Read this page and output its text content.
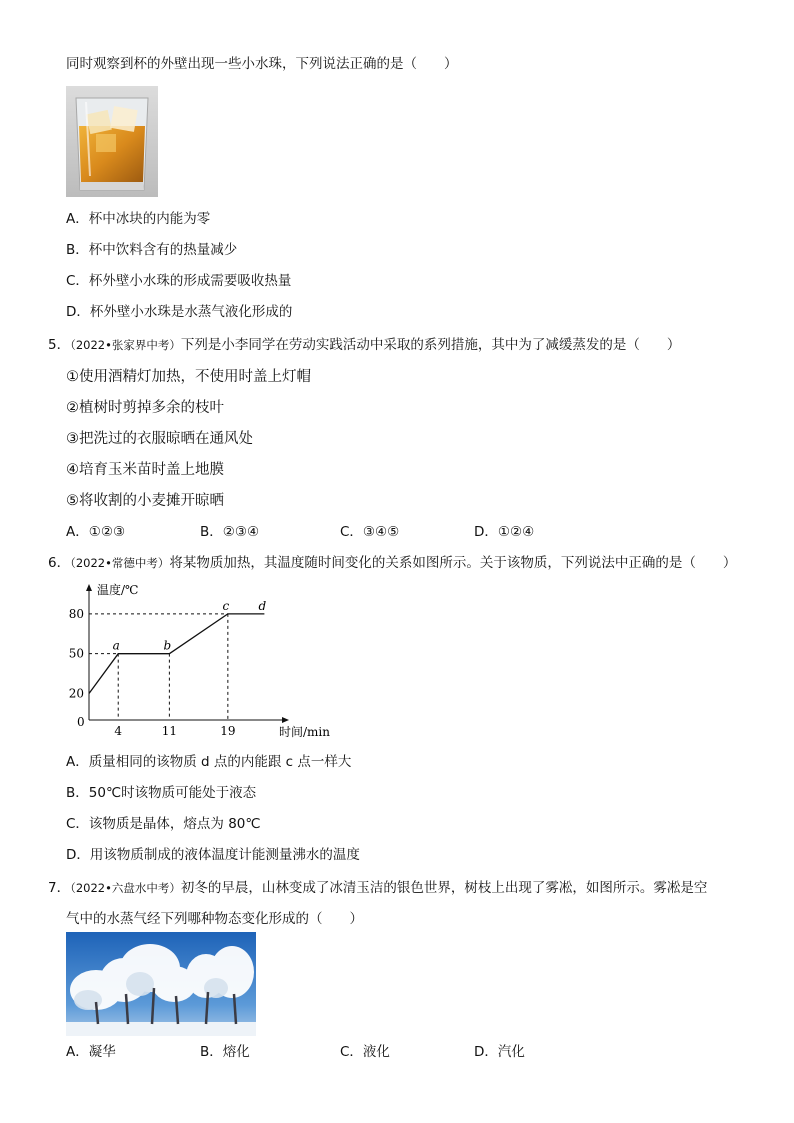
同时观察到杯的外壁出现一些小水珠，下列说法正确的是（　　）
A．杯中冰块的内能为零
B．杯中饮料含有的热量减少
C．杯外壁小水珠的形成需要吸收热量
D．杯外壁小水珠是水蒸气液化形成的
5．（2022•张家界中考）下列是小李同学在劳动实践活动中采取的系列措施，其中为了减缓蒸发的是（　　）
①使用酒精灯加热，不使用时盖上灯帽
②植树时剪掉多余的枝叶
③把洗过的衣服晾晒在通风处
④培育玉米苗时盖上地膜
⑤将收割的小麦摊开晾晒
A．①②③	B．②③④	C．③④⑤	D．①②④
6．（2022•常德中考）将某物质加热，其温度随时间变化的关系如图所示。关于该物质，下列说法中正确的是（　　）
温度/℃
时间/min
0
4	11	19
20
50
80
a	b
c d
A．质量相同的该物质 d 点的内能跟 c 点一样大
B．50℃时该物质可能处于液态
C．该物质是晶体，熔点为 80℃
D．用该物质制成的液体温度计能测量沸水的温度
7．（2022•六盘水中考）初冬的早晨，山林变成了冰清玉洁的银色世界，树枝上出现了雾凇，如图所示。雾凇是空
气中的水蒸气经下列哪种物态变化形成的（　　）
A．凝华	B．熔化	C．液化	D．汽化
